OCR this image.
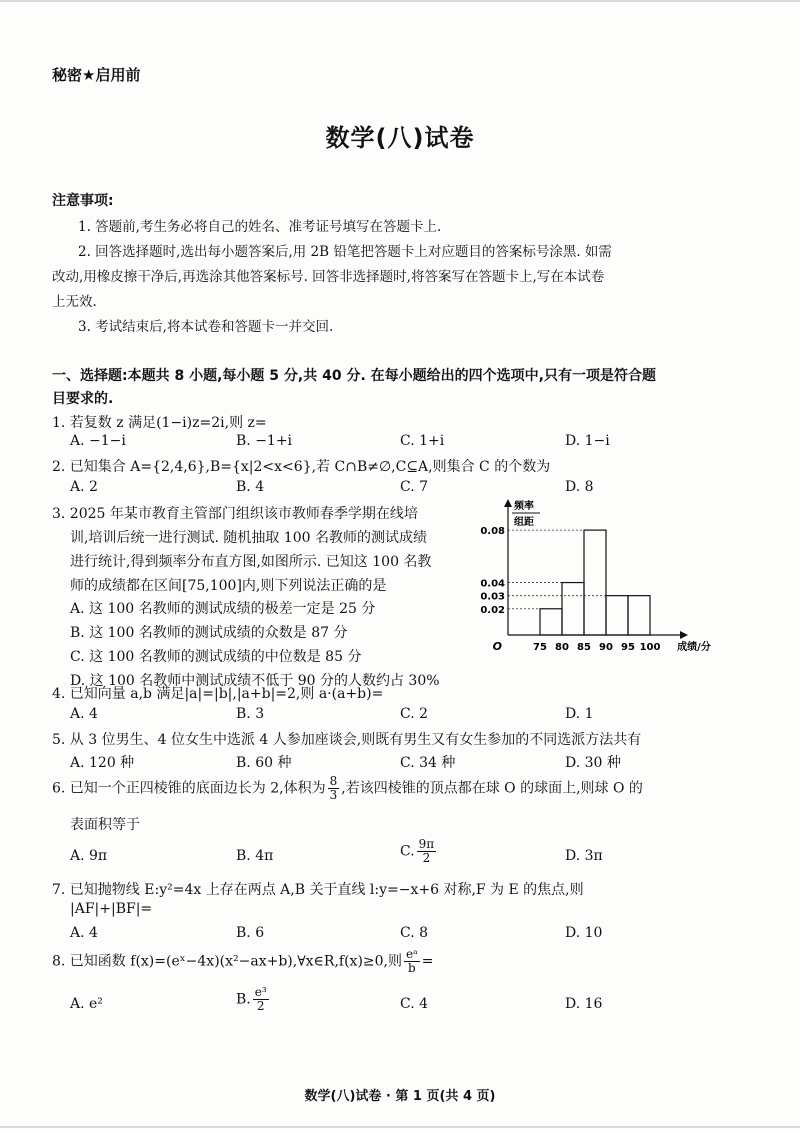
秘密★启用前
数学(八)试卷
注意事项:
1. 答题前,考生务必将自己的姓名、准考证号填写在答题卡上.
2. 回答选择题时,选出每小题答案后,用 2B 铅笔把答题卡上对应题目的答案标号涂黑. 如需
改动,用橡皮擦干净后,再选涂其他答案标号. 回答非选择题时,将答案写在答题卡上,写在本试卷
上无效.
3. 考试结束后,将本试卷和答题卡一并交回.
一、选择题:本题共 8 小题,每小题 5 分,共 40 分. 在每小题给出的四个选项中,只有一项是符合题
目要求的.
1. 若复数 z 满足(1−i)z=2i,则 z=
A. −1−i	B. −1+i	C. 1+i	D. 1−i
2. 已知集合 A={2,4,6},B={x|2<x<6},若 C∩B≠∅,C⊆A,则集合 C 的个数为
A. 2	B. 4	C. 7	D. 8
3. 2025 年某市教育主管部门组织该市教师春季学期在线培
训,培训后统一进行测试. 随机抽取 100 名教师的测试成绩
进行统计,得到频率分布直方图,如图所示. 已知这 100 名教
师的成绩都在区间[75,100]内,则下列说法正确的是
A. 这 100 名教师的测试成绩的极差一定是 25 分
B. 这 100 名教师的测试成绩的众数是 87 分
C. 这 100 名教师的测试成绩的中位数是 85 分
D. 这 100 名教师中测试成绩不低于 90 分的人数约占 30%
0.02
0.03
0.04
0.08
75 80 85 90 95 100
O	成绩/分
频率
组距
4. 已知向量 a,b 满足|a|=|b|,|a+b|=2,则 a·(a+b)=
A. 4	B. 3	C. 2	D. 1
5. 从 3 位男生、4 位女生中选派 4 人参加座谈会,则既有男生又有女生参加的不同选派方法共有
A. 120 种	B. 60 种	C. 34 种	D. 30 种
6. 已知一个正四棱锥的底面边长为 2,体积为 $\frac{8}{3}$ ,若该四棱锥的顶点都在球 O 的球面上,则球 O 的
表面积等于
A. 9π	B. 4π	C. $\frac{9\pi}{2}$	D. 3π
7. 已知抛物线 E:y²=4x 上存在两点 A,B 关于直线 l:y=−x+6 对称,F 为 E 的焦点,则
|AF|+|BF|=
A. 4	B. 6	C. 8	D. 10
8. 已知函数 f(x)=(eˣ−4x)(x²−ax+b),∀x∈R,f(x)≥0,则 $\frac{\text{eᵃ}}{b}$ =
A. e²	B. $\frac{\text{e³}}{2}$	C. 4	D. 16
数学(八)试卷 · 第 1 页(共 4 页)
